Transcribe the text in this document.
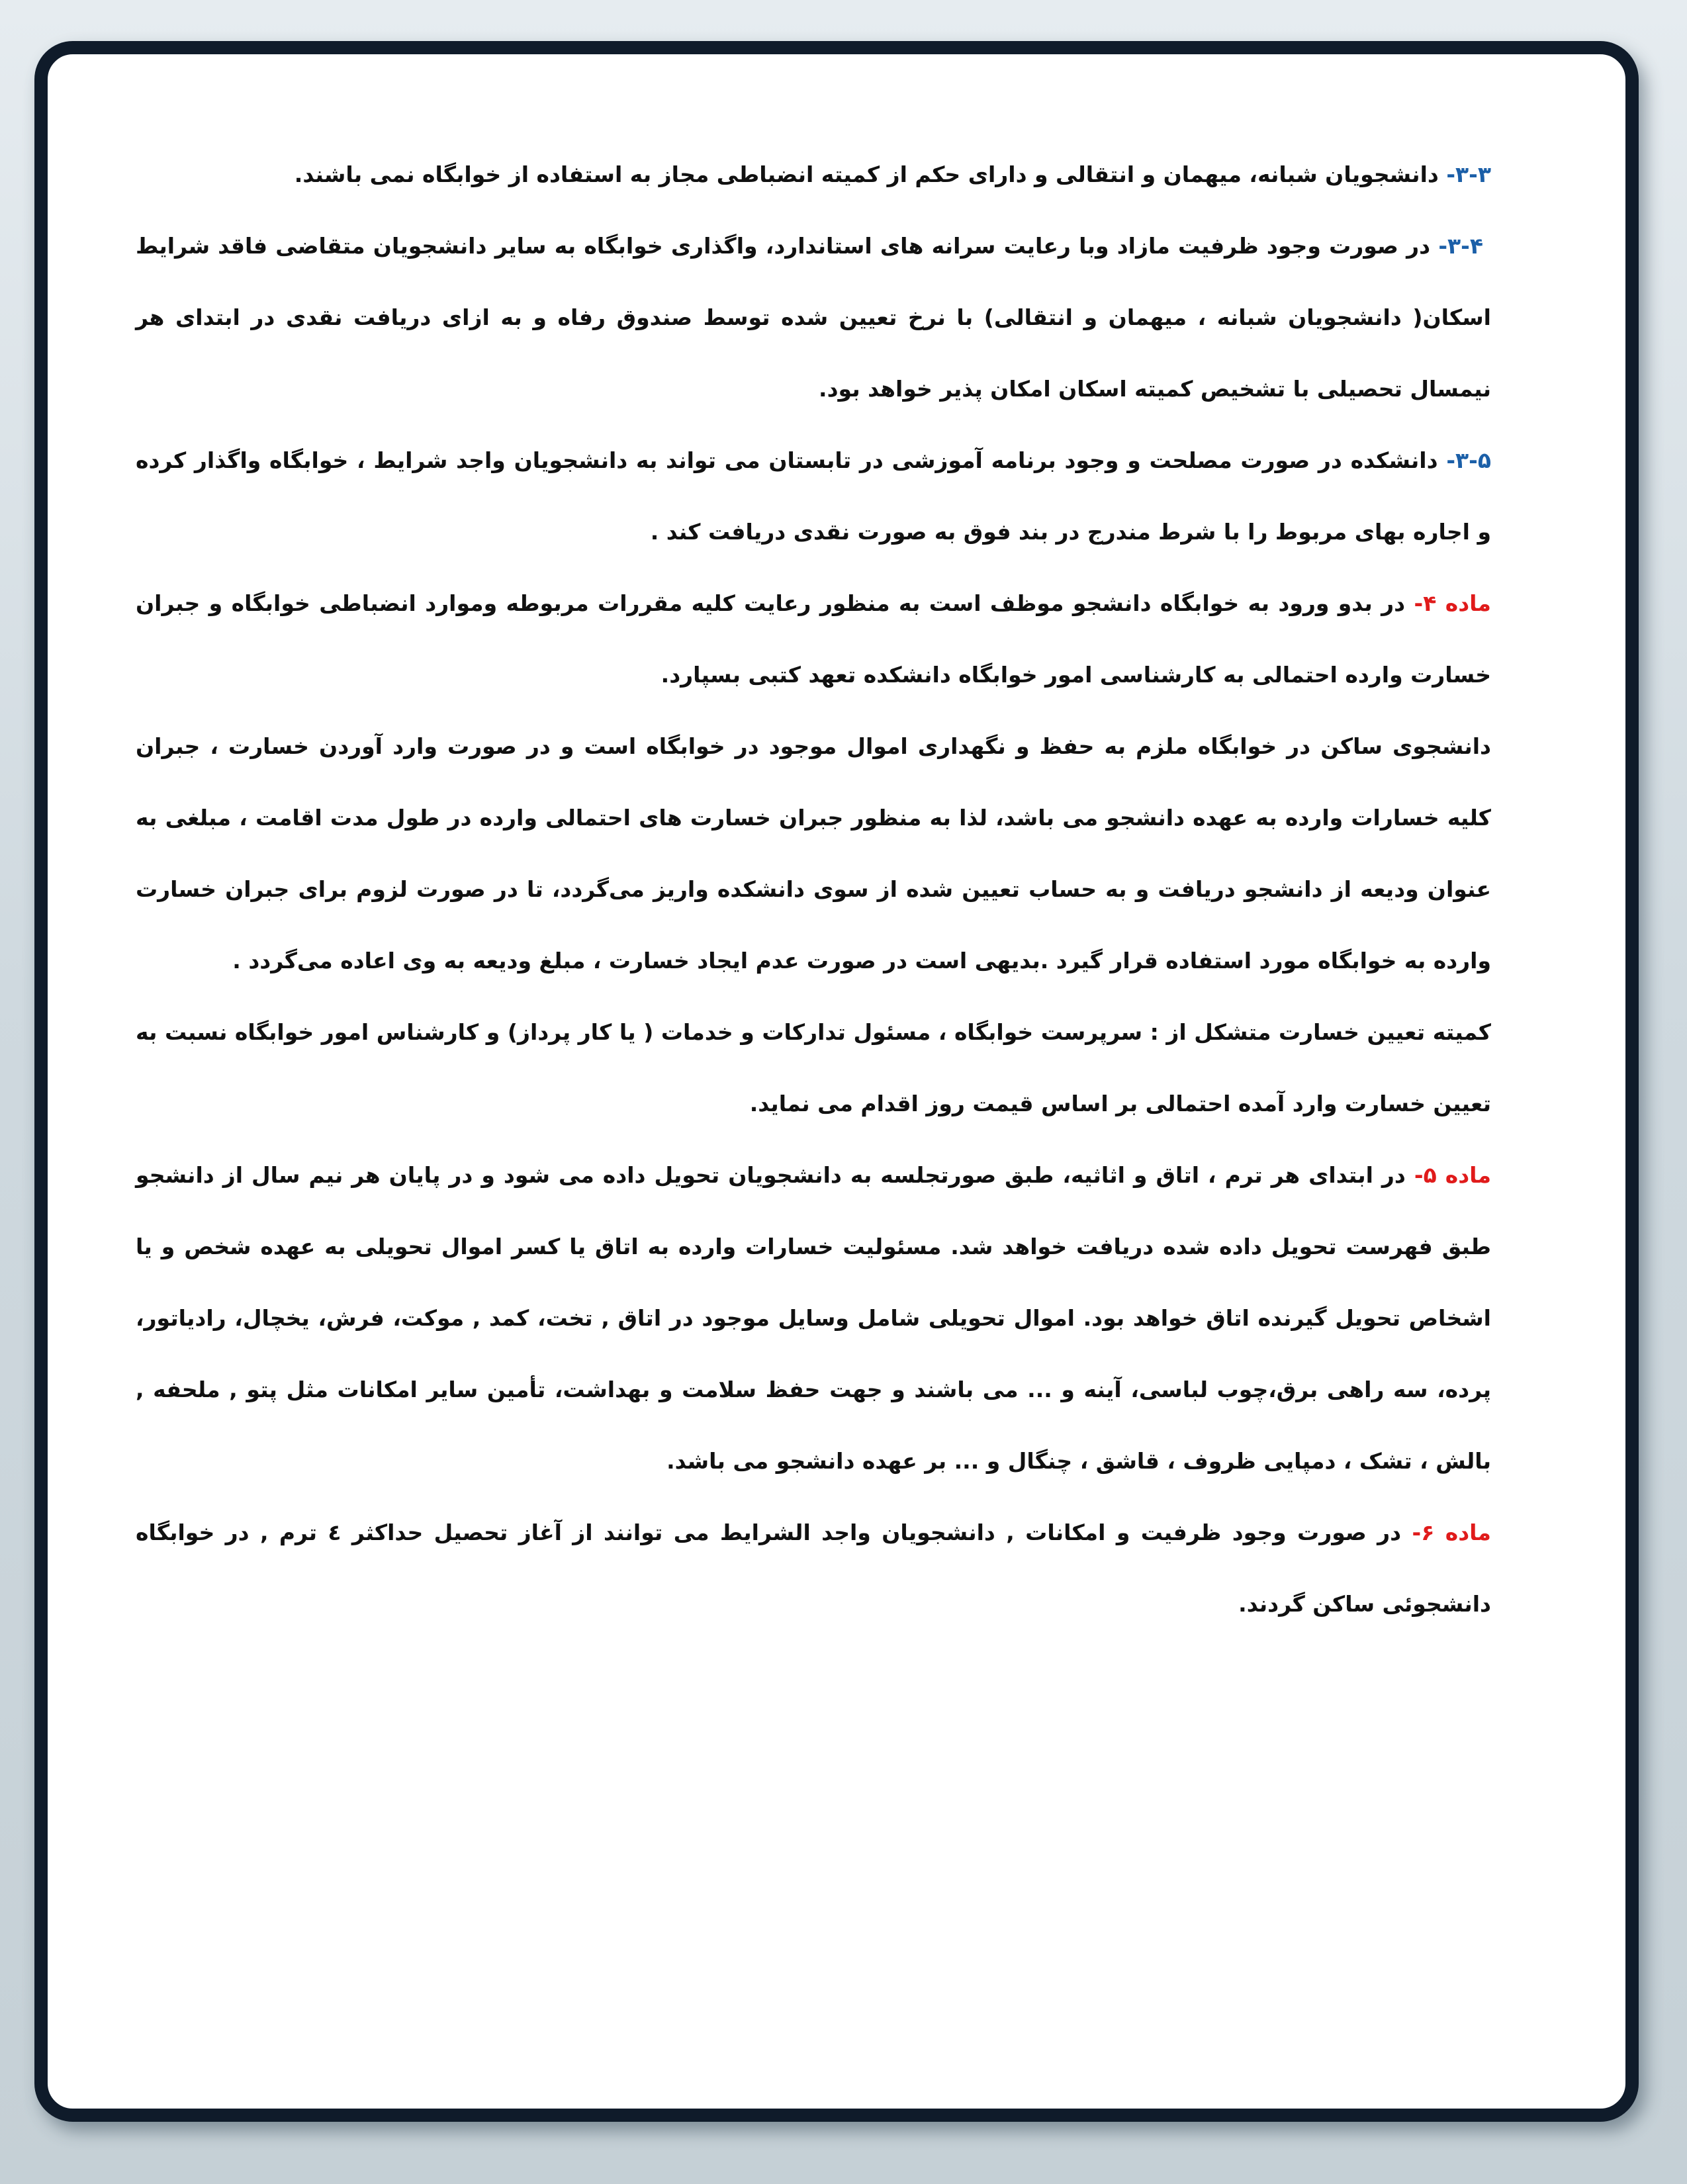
۳-۳- دانشجویان شبانه، میهمان و انتقالی و دارای حکم از کمیته انضباطی مجاز به استفاده از خوابگاه نمی باشند.

۳-۴- در صورت وجود ظرفیت مازاد وبا رعایت سرانه های استاندارد، واگذاری خوابگاه به سایر دانشجویان متقاضی فاقد شرایط اسکان( دانشجویان شبانه ، میهمان و انتقالی) با نرخ تعیین شده توسط صندوق رفاه و به ازای دریافت نقدی در ابتدای هر نیمسال تحصیلی با تشخیص کمیته اسکان امکان پذیر خواهد بود.

۳-۵- دانشکده در صورت مصلحت و وجود برنامه آموزشی در تابستان می تواند به دانشجویان واجد شرایط ، خوابگاه واگذار کرده و اجاره بهای مربوط را با شرط مندرج در بند فوق به صورت نقدی دریافت کند .

ماده ۴- در بدو ورود به خوابگاه دانشجو موظف است به منظور رعایت کلیه مقررات مربوطه وموارد انضباطی خوابگاه و جبران خسارت وارده احتمالی به کارشناسی امور خوابگاه دانشکده تعهد کتبی بسپارد.

دانشجوی ساکن در خوابگاه ملزم به حفظ و نگهداری اموال موجود در خوابگاه است و در صورت وارد آوردن خسارت ، جبران کلیه خسارات وارده به عهده دانشجو می باشد، لذا به منظور جبران خسارت های احتمالی وارده در طول مدت اقامت ، مبلغی به عنوان ودیعه از دانشجو دریافت و به حساب تعیین شده از سوی دانشکده واریز می‌گردد، تا در صورت لزوم برای جبران خسارت وارده به خوابگاه مورد استفاده قرار گیرد .بدیهی است در صورت عدم ایجاد خسارت ، مبلغ ودیعه به وی اعاده می‌گردد .

کمیته تعیین خسارت متشکل از : سرپرست خوابگاه ، مسئول تدارکات و خدمات ( یا کار پرداز) و کارشناس امور خوابگاه نسبت به تعیین خسارت وارد آمده احتمالی بر اساس قیمت روز اقدام می نماید.

ماده ۵- در ابتدای هر ترم ، اتاق و اثاثیه، طبق صورتجلسه به دانشجویان تحویل داده می شود و در پایان هر نیم سال از دانشجو طبق فهرست تحویل داده شده دریافت خواهد شد. مسئولیت خسارات وارده به اتاق یا کسر اموال تحویلی به عهده شخص و یا اشخاص تحویل گیرنده اتاق خواهد بود. اموال تحویلی شامل وسایل موجود در اتاق , تخت، کمد , موکت، فرش، یخچال، رادیاتور، پرده، سه راهی برق،چوب لباسی، آینه و ... می باشند و جهت حفظ سلامت و بهداشت، تأمین سایر امکانات مثل پتو , ملحفه , بالش ، تشک ، دمپایی ظروف ، قاشق ، چنگال و ... بر عهده دانشجو می باشد.

ماده ۶- در صورت وجود ظرفیت و امکانات , دانشجویان واجد الشرایط می توانند از آغاز تحصیل حداکثر ٤ ترم , در خوابگاه دانشجوئی ساکن گردند.
